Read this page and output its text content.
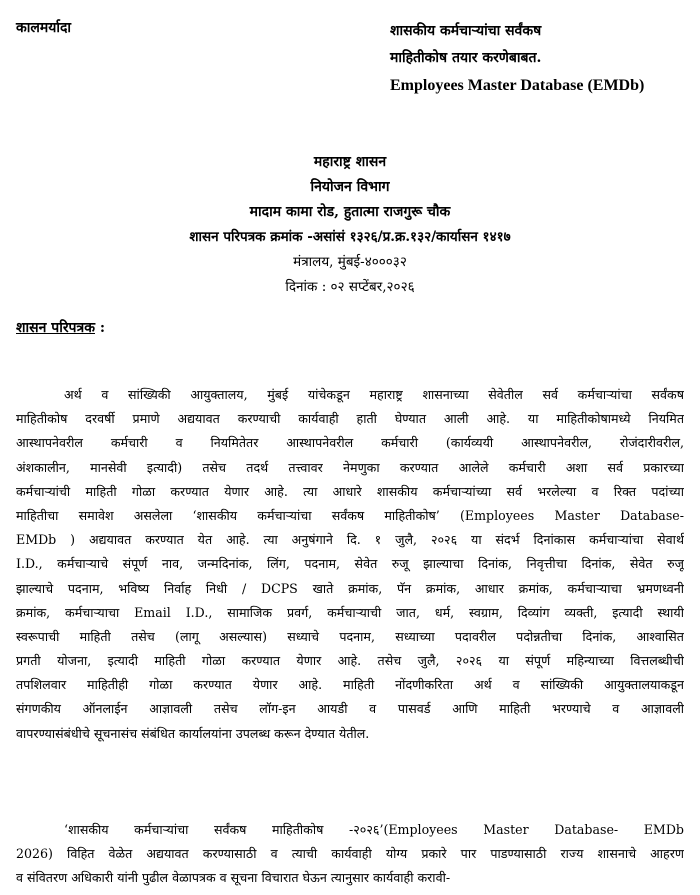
कालमर्यादा	शासकीय कर्मचाऱ्यांचा सर्वंकष
माहितीकोष तयार करणेबाबत.
Employees Master Database (EMDb)
महाराष्ट्र शासन
नियोजन विभाग
मादाम कामा रोड, हुतात्मा राजगुरू चौक
शासन परिपत्रक क्रमांक -असांसं १३२६/प्र.क्र.१३२/कार्यासन १४१७
मंत्रालय, मुंबई-४०००३२
दिनांक : ०२ सप्टेंबर,२०२६
शासन परिपत्रक :
अर्थ व सांख्यिकी आयुक्तालय, मुंबई यांचेकडून महाराष्ट्र शासनाच्या सेवेतील सर्व कर्मचाऱ्यांचा सर्वंकष
माहितीकोष दरवर्षी प्रमाणे अद्ययावत करण्याची कार्यवाही हाती घेण्यात आली आहे. या माहितीकोषामध्ये नियमित
आस्थापनेवरील कर्मचारी व नियमितेतर आस्थापनेवरील कर्मचारी (कार्यव्ययी आस्थापनेवरील, रोजंदारीवरील,
अंशकालीन, मानसेवी इत्यादी) तसेच तदर्थ तत्त्वावर नेमणुका करण्यात आलेले कर्मचारी अशा सर्व प्रकारच्या
कर्मचाऱ्यांची माहिती गोळा करण्यात येणार आहे. त्या आधारे शासकीय कर्मचाऱ्यांच्या सर्व भरलेल्या व रिक्त पदांच्या
माहितीचा समावेश असलेला ‘शासकीय कर्मचाऱ्यांचा सर्वंकष माहितीकोष’ (Employees Master Database-
EMDb ) अद्ययावत करण्यात येत आहे. त्या अनुषंगाने दि. १ जुलै, २०२६ या संदर्भ दिनांकास कर्मचाऱ्यांचा सेवार्थ
I.D., कर्मचाऱ्याचे संपूर्ण नाव, जन्मदिनांक, लिंग, पदनाम, सेवेत रुजू झाल्याचा दिनांक, निवृत्तीचा दिनांक, सेवेत रुजू
झाल्याचे पदनाम, भविष्य निर्वाह निधी / DCPS खाते क्रमांक, पॅन क्रमांक, आधार क्रमांक, कर्मचाऱ्याचा भ्रमणध्वनी
क्रमांक, कर्मचाऱ्याचा Email I.D., सामाजिक प्रवर्ग, कर्मचाऱ्याची जात, धर्म, स्वग्राम, दिव्यांग व्यक्ती, इत्यादी स्थायी
स्वरूपाची माहिती तसेच (लागू असल्यास) सध्याचे पदनाम, सध्याच्या पदावरील पदोन्नतीचा दिनांक, आश्वासित
प्रगती योजना, इत्यादी माहिती गोळा करण्यात येणार आहे. तसेच जुलै, २०२६ या संपूर्ण महिन्याच्या वित्तलब्धीची
तपशिलवार माहितीही गोळा करण्यात येणार आहे. माहिती नोंदणीकरिता अर्थ व सांख्यिकी आयुक्तालयाकडून
संगणकीय ऑनलाईन आज्ञावली तसेच लॉग-इन आयडी व पासवर्ड आणि माहिती भरण्याचे व आज्ञावली
वापरण्यासंबंधीचे सूचनासंच संबंधित कार्यालयांना उपलब्ध करून देण्यात येतील.
‘शासकीय कर्मचाऱ्यांचा सर्वंकष माहितीकोष -२०२६’(Employees Master Database- EMDb
2026) विहित वेळेत अद्ययावत करण्यासाठी व त्याची कार्यवाही योग्य प्रकारे पार पाडण्यासाठी राज्य शासनाचे आहरण
व संवितरण अधिकारी यांनी पुढील वेळापत्रक व सूचना विचारात घेऊन त्यानुसार कार्यवाही करावी-
